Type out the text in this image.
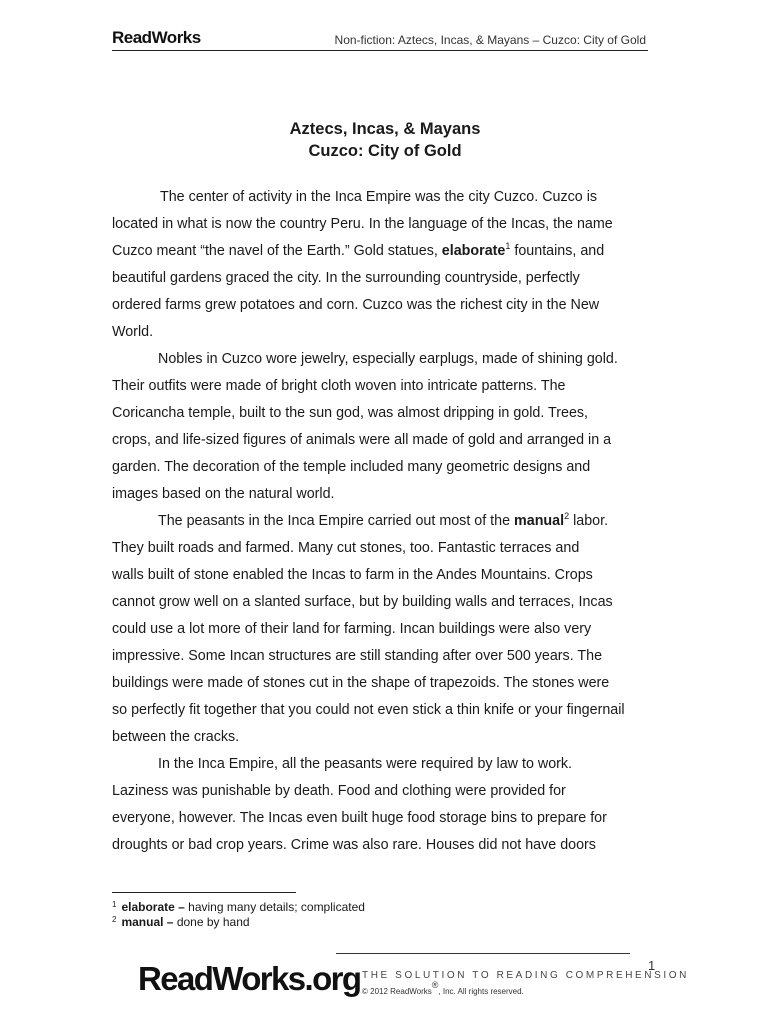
ReadWorks	Non-fiction: Aztecs, Incas, & Mayans – Cuzco: City of Gold
Aztecs, Incas, & Mayans
Cuzco: City of Gold
The center of activity in the Inca Empire was the city Cuzco. Cuzco is
located in what is now the country Peru. In the language of the Incas, the name
Cuzco meant “the navel of the Earth.” Gold statues, elaborate$^1$ fountains, and
beautiful gardens graced the city. In the surrounding countryside, perfectly
ordered farms grew potatoes and corn. Cuzco was the richest city in the New
World.
Nobles in Cuzco wore jewelry, especially earplugs, made of shining gold.
Their outfits were made of bright cloth woven into intricate patterns. The
Coricancha temple, built to the sun god, was almost dripping in gold. Trees,
crops, and life-sized figures of animals were all made of gold and arranged in a
garden. The decoration of the temple included many geometric designs and
images based on the natural world.
The peasants in the Inca Empire carried out most of the manual$^2$ labor.
They built roads and farmed. Many cut stones, too. Fantastic terraces and
walls built of stone enabled the Incas to farm in the Andes Mountains. Crops
cannot grow well on a slanted surface, but by building walls and terraces, Incas
could use a lot more of their land for farming. Incan buildings were also very
impressive. Some Incan structures are still standing after over 500 years. The
buildings were made of stones cut in the shape of trapezoids. The stones were
so perfectly fit together that you could not even stick a thin knife or your fingernail
between the cracks.
In the Inca Empire, all the peasants were required by law to work.
Laziness was punishable by death. Food and clothing were provided for
everyone, however. The Incas even built huge food storage bins to prepare for
droughts or bad crop years. Crime was also rare. Houses did not have doors
$^1$ elaborate – having many details; complicated
$^2$ manual – done by hand
1
ReadWorks.org THE SOLUTION TO READING COMPREHENSION
© 2012 ReadWorks®, Inc. All rights reserved.
